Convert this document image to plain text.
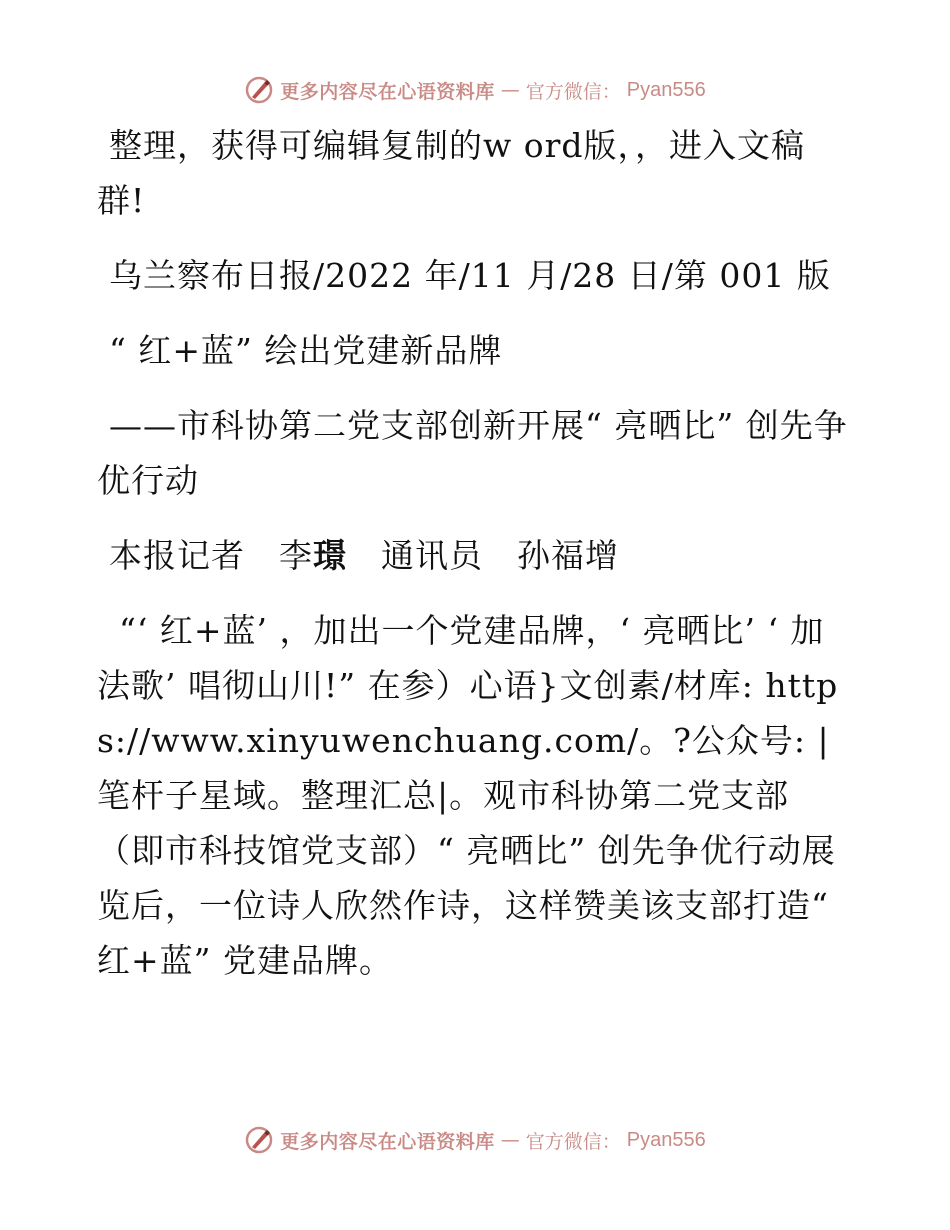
更多内容尽在心语资料库 — 官方微信： Pyan556
整理，获得可编辑复制的w ord版，，进入文稿
群!
乌兰察布日报/2022 年/11 月/28 日/第 001 版
“ 红+蓝” 绘出党建新品牌
——市科协第二党支部创新开展“ 亮晒比” 创先争优行动
本报记者　李璟　通讯员　孙福增
“‘ 红+蓝’ ，加出一个党建品牌，‘ 亮晒比’ ‘ 加法歌’ 唱彻山川!” 在参）心语}文创素/材库: https://www.xinyuwenchuang.com/。?公众号: |笔杆子星域。整理汇总|。观市科协第二党支部（即市科技馆党支部）“ 亮晒比” 创先争优行动展览后，一位诗人欣然作诗，这样赞美该支部打造“ 红+蓝” 党建品牌。
更多内容尽在心语资料库 — 官方微信： Pyan556
